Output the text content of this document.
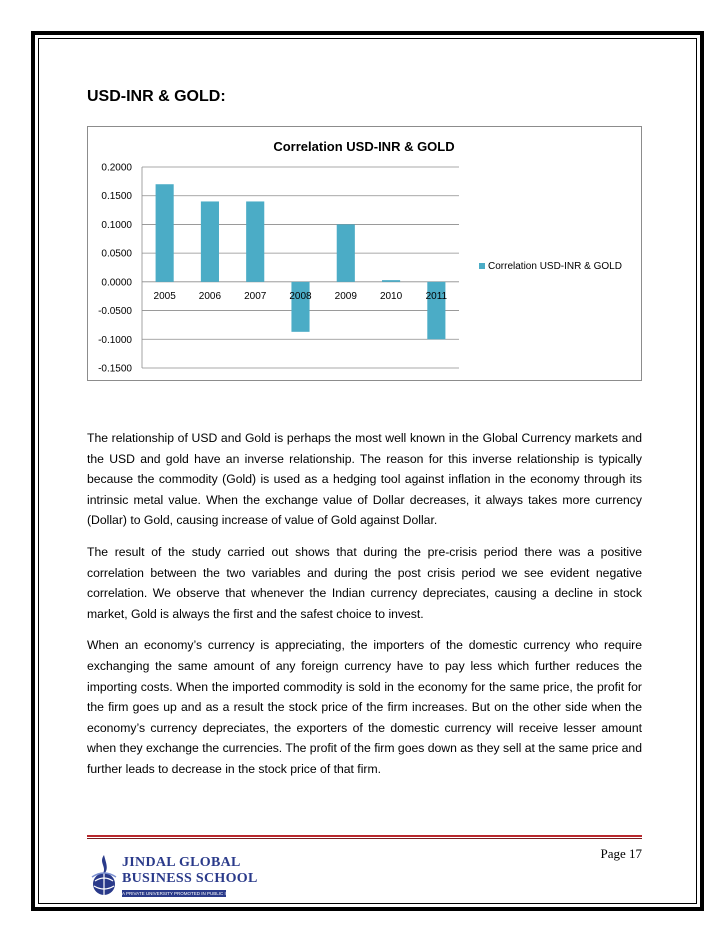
USD-INR & GOLD:
Correlation USD-INR & GOLD
0.2000
0.1500
0.1000
0.0500
0.0000
-0.0500
-0.1000
-0.1500
2005 2006 2007 2008 2009 2010 2011
Correlation USD-INR & GOLD

The relationship of USD and Gold is perhaps the most well known in the Global Currency markets and the USD and gold have an inverse relationship. The reason for this inverse relationship is typically because the commodity (Gold) is used as a hedging tool against inflation in the economy through its intrinsic metal value. When the exchange value of Dollar decreases, it always takes more currency (Dollar) to Gold, causing increase of value of Gold against Dollar.

The result of the study carried out shows that during the pre-crisis period there was a positive correlation between the two variables and during the post crisis period we see evident negative correlation. We observe that whenever the Indian currency depreciates, causing a decline in stock market, Gold is always the first and the safest choice to invest.

When an economy’s currency is appreciating, the importers of the domestic currency who require exchanging the same amount of any foreign currency have to pay less which further reduces the importing costs. When the imported commodity is sold in the economy for the same price, the profit for the firm goes up and as a result the stock price of the firm increases. But on the other side when the economy’s currency depreciates, the exporters of the domestic currency will receive lesser amount when they exchange the currencies. The profit of the firm goes down as they sell at the same price and further leads to decrease in the stock price of that firm.

Page 17
JINDAL GLOBAL
BUSINESS SCHOOL
A PRIVATE UNIVERSITY PROMOTED IN PUBLIC INTEREST
